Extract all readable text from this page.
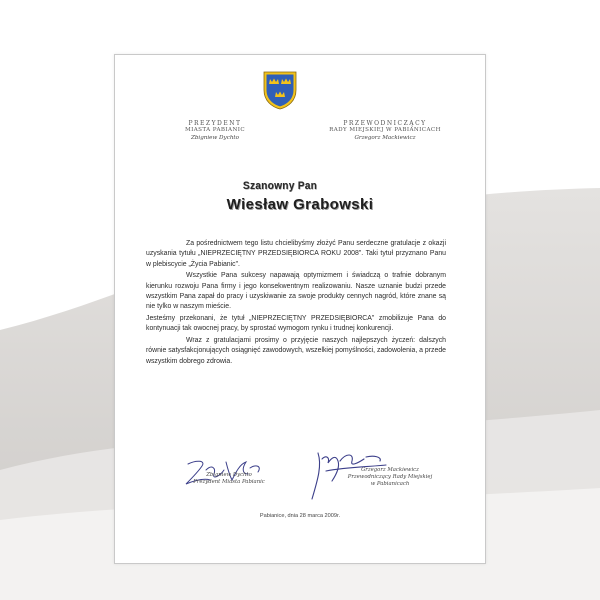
PREZYDENT
MIASTA PABIANIC
Zbigniew Dychto
PRZEWODNICZĄCY
RADY MIEJSKIEJ W PABIANICACH
Grzegorz Mackiewicz
Szanowny Pan
Wiesław Grabowski

Za pośrednictwem tego listu chcielibyśmy złożyć Panu serdeczne gratulacje z okazji uzyskania tytułu „NIEPRZECIĘTNY PRZEDSIĘBIORCA ROKU 2008". Taki tytuł przyznano Panu w plebiscycie „Życia Pabianic".

Wszystkie Pana sukcesy napawają optymizmem i świadczą o trafnie dobranym kierunku rozwoju Pana firmy i jego konsekwentnym realizowaniu. Nasze uznanie budzi przede wszystkim Pana zapał do pracy i uzyskiwanie za swoje produkty cennych nagród, które znane są nie tylko w naszym mieście.

Jesteśmy przekonani, że tytuł „NIEPRZECIĘTNY PRZEDSIĘBIORCA" zmobilizuje Pana do kontynuacji tak owocnej pracy, by sprostać wymogom rynku i trudnej konkurencji.

Wraz z gratulacjami prosimy o przyjęcie naszych najlepszych życzeń: dalszych równie satysfakcjonujących osiągnięć zawodowych, wszelkiej pomyślności, zadowolenia, a przede wszystkim dobrego zdrowia.

Zbigniew Dychto
Prezydent Miasta Pabianic
Grzegorz Mackiewicz
Przewodniczący Rady Miejskiej
w Pabianicach
Pabianice, dnia 28 marca 2009r.
